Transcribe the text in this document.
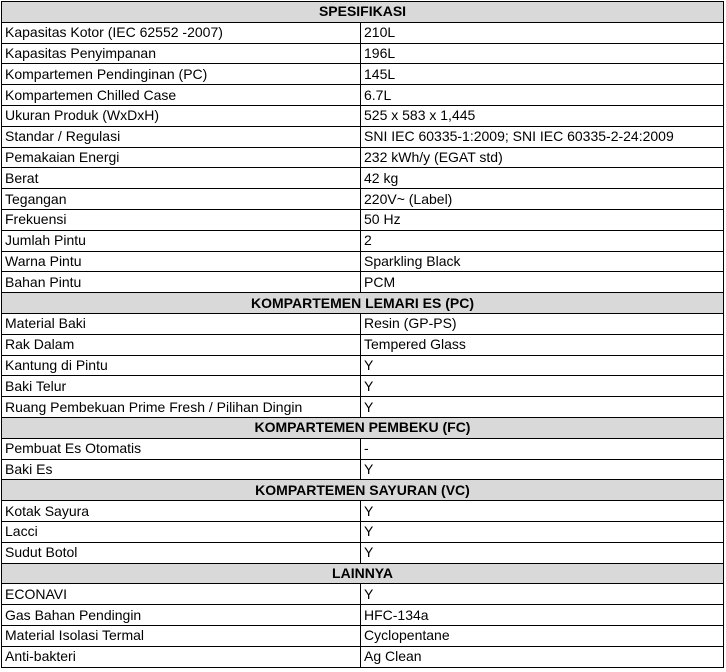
SPESIFIKASI	
Kapasitas Kotor (IEC 62552 -2007)	210L
Kapasitas Penyimpanan	196L
Kompartemen Pendinginan (PC)	145L
Kompartemen Chilled Case	6.7L
Ukuran Produk (WxDxH)	525 x 583 x 1,445
Standar / Regulasi	SNI IEC 60335-1:2009; SNI IEC 60335-2-24:2009
Pemakaian Energi	232 kWh/y (EGAT std)
Berat	42 kg
Tegangan	220V~ (Label)
Frekuensi	50 Hz
Jumlah Pintu	2
Warna Pintu	Sparkling Black
Bahan Pintu	PCM
KOMPARTEMEN LEMARI ES (PC)	
Material Baki	Resin (GP-PS)
Rak Dalam	Tempered Glass
Kantung di Pintu	Y
Baki Telur	Y
Ruang Pembekuan Prime Fresh / Pilihan Dingin	Y
KOMPARTEMEN PEMBEKU (FC)	
Pembuat Es Otomatis	-
Baki Es	Y
KOMPARTEMEN SAYURAN (VC)	
Kotak Sayura	Y
Lacci	Y
Sudut Botol	Y
LAINNYA	
ECONAVI	Y
Gas Bahan Pendingin	HFC-134a
Material Isolasi Termal	Cyclopentane
Anti-bakteri	Ag Clean
